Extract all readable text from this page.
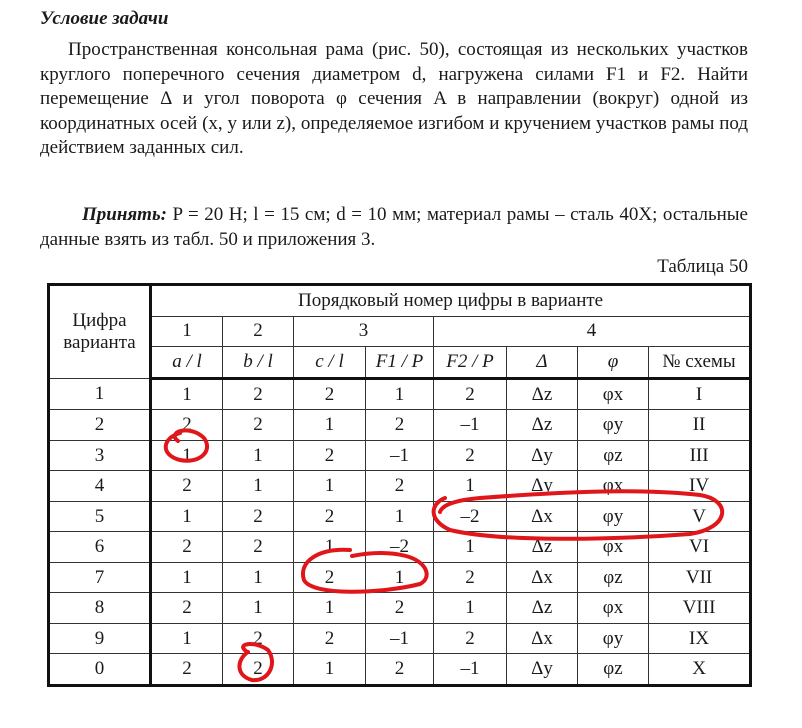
Условие задачи
Пространственная консольная рама (рис. 50), состоящая из нескольких участков круглого поперечного сечения диаметром d, нагружена силами F1 и F2. Найти перемещение Δ и угол поворота φ сечения A в направлении (вокруг) одной из координатных осей (x, y или z), определяемое изгибом и кручением участков рамы под действием заданных сил.
Принять: P = 20 Н; l = 15 см; d = 10 мм; материал рамы – сталь 40Х; остальные данные взять из табл. 50 и приложения 3.
Таблица 50
Цифра варианта	Порядковый номер цифры в варианте							
	1	2	3		4			
	a / l	b / l	c / l	F1 / P	F2 / P	Δ	φ	№ схемы
1	1	2	2	1	2	Δz	φx	I
2	2	2	1	2	–1	Δz	φy	II
3	1	1	2	–1	2	Δy	φz	III
4	2	1	1	2	1	Δy	φx	IV
5	1	2	2	1	–2	Δx	φy	V
6	2	2	1	–2	1	Δz	φx	VI
7	1	1	2	1	2	Δx	φz	VII
8	2	1	1	2	1	Δz	φx	VIII
9	1	2	2	–1	2	Δx	φy	IX
0	2	2	1	2	–1	Δy	φz	X
